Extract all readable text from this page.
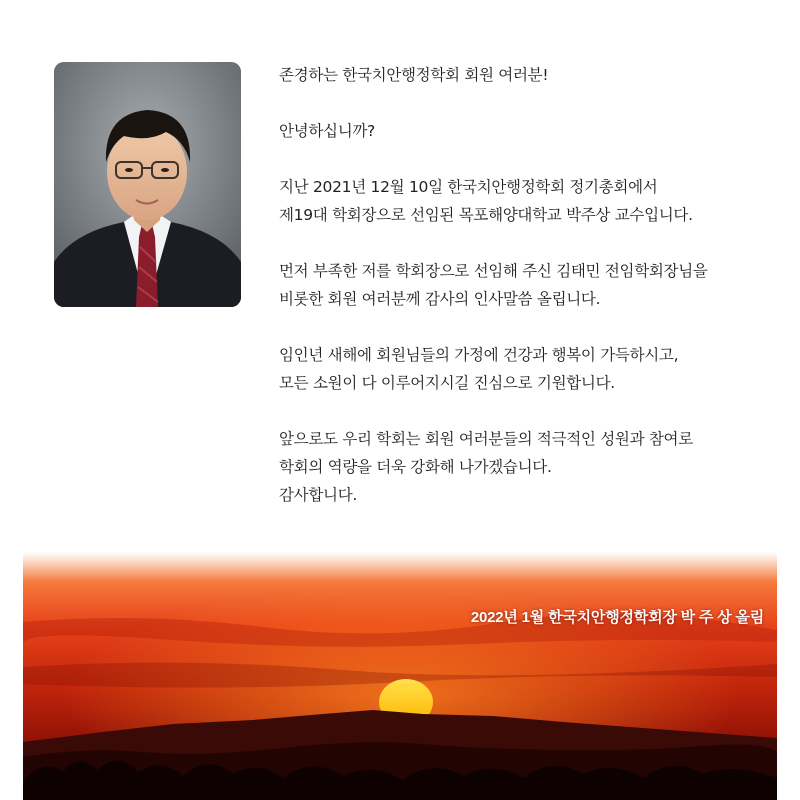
존경하는 한국치안행정학회 회원 여러분!

안녕하십니까?

지난 2021년 12월 10일 한국치안행정학회 정기총회에서
제19대 학회장으로 선임된 목포해양대학교 박주상 교수입니다.

먼저 부족한 저를 학회장으로 선임해 주신 김태민 전임학회장님을
비롯한 회원 여러분께 감사의 인사말씀 올립니다.

임인년 새해에 회원님들의 가정에 건강과 행복이 가득하시고,
모든 소원이 다 이루어지시길 진심으로 기원합니다.

앞으로도 우리 학회는 회원 여러분들의 적극적인 성원과 참여로
학회의 역량을 더욱 강화해 나가겠습니다.
감사합니다.

2022년 1월 한국치안행정학회장 박 주 상 올림
